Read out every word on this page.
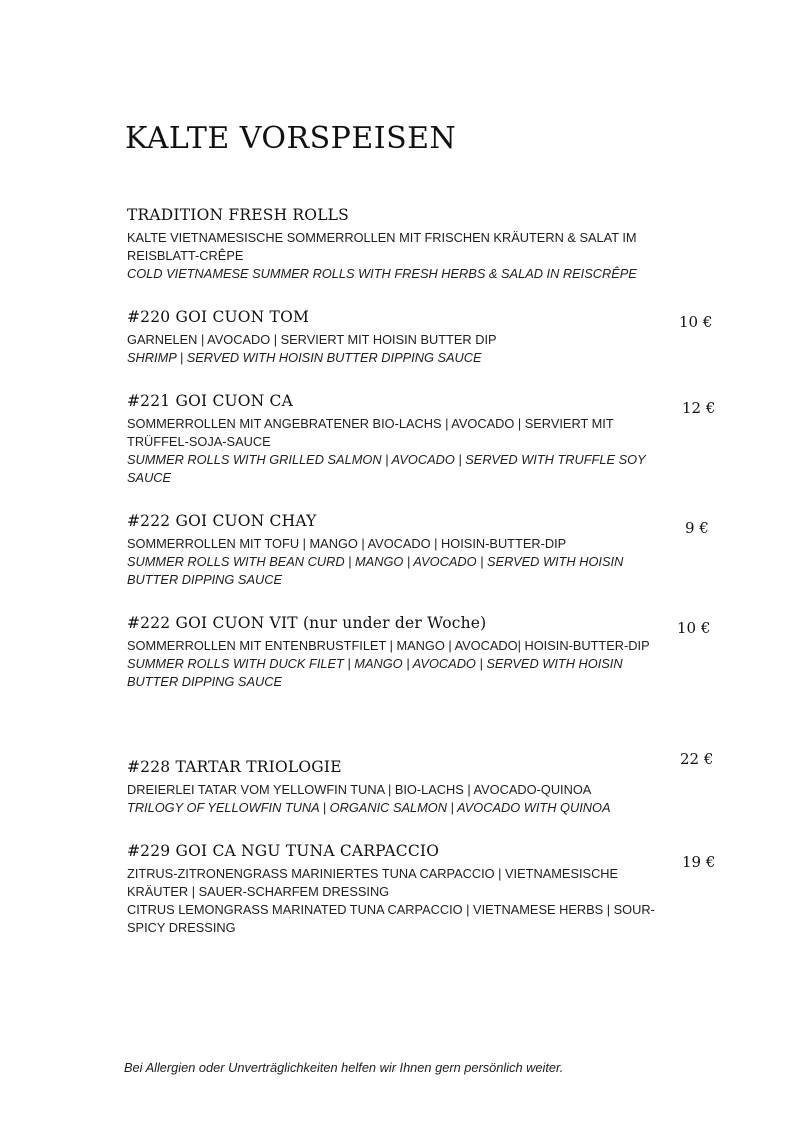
KALTE VORSPEISEN
TRADITION FRESH ROLLS

KALTE VIETNAMESISCHE SOMMERROLLEN MIT FRISCHEN KRÄUTERN & SALAT IM REISBLATT-CRÊPE

COLD VIETNAMESE SUMMER ROLLS WITH FRESH HERBS & SALAD IN REISCRÊPE

#220 GOI CUON TOM

GARNELEN | AVOCADO | SERVIERT MIT HOISIN BUTTER DIP

SHRIMP | SERVED WITH HOISIN BUTTER DIPPING SAUCE

10 €
#221 GOI CUON CA

SOMMERROLLEN MIT ANGEBRATENER BIO-LACHS | AVOCADO | SERVIERT MIT TRÜFFEL-SOJA-SAUCE

SUMMER ROLLS WITH GRILLED SALMON | AVOCADO | SERVED WITH TRUFFLE SOY SAUCE

12 €
#222 GOI CUON CHAY

SOMMERROLLEN MIT TOFU | MANGO | AVOCADO | HOISIN-BUTTER-DIP

SUMMER ROLLS WITH BEAN CURD | MANGO | AVOCADO | SERVED WITH HOISIN BUTTER DIPPING SAUCE

9 €
#222 GOI CUON VIT (nur under der Woche)

SOMMERROLLEN MIT ENTENBRUSTFILET | MANGO | AVOCADO| HOISIN-BUTTER-DIP

SUMMER ROLLS WITH DUCK FILET | MANGO | AVOCADO | SERVED WITH HOISIN BUTTER DIPPING SAUCE

10 €
#228 TARTAR TRIOLOGIE

DREIERLEI TATAR VOM YELLOWFIN TUNA | BIO-LACHS | AVOCADO-QUINOA

TRILOGY OF YELLOWFIN TUNA | ORGANIC SALMON | AVOCADO WITH QUINOA

22 €
#229 GOI CA NGU TUNA CARPACCIO

ZITRUS-ZITRONENGRASS MARINIERTES TUNA CARPACCIO | VIETNAMESISCHE KRÄUTER | SAUER-SCHARFEM DRESSING

CITRUS LEMONGRASS MARINATED TUNA CARPACCIO | VIETNAMESE HERBS | SOUR-SPICY DRESSING

19 €

Bei Allergien oder Unverträglichkeiten helfen wir Ihnen gern persönlich weiter.
